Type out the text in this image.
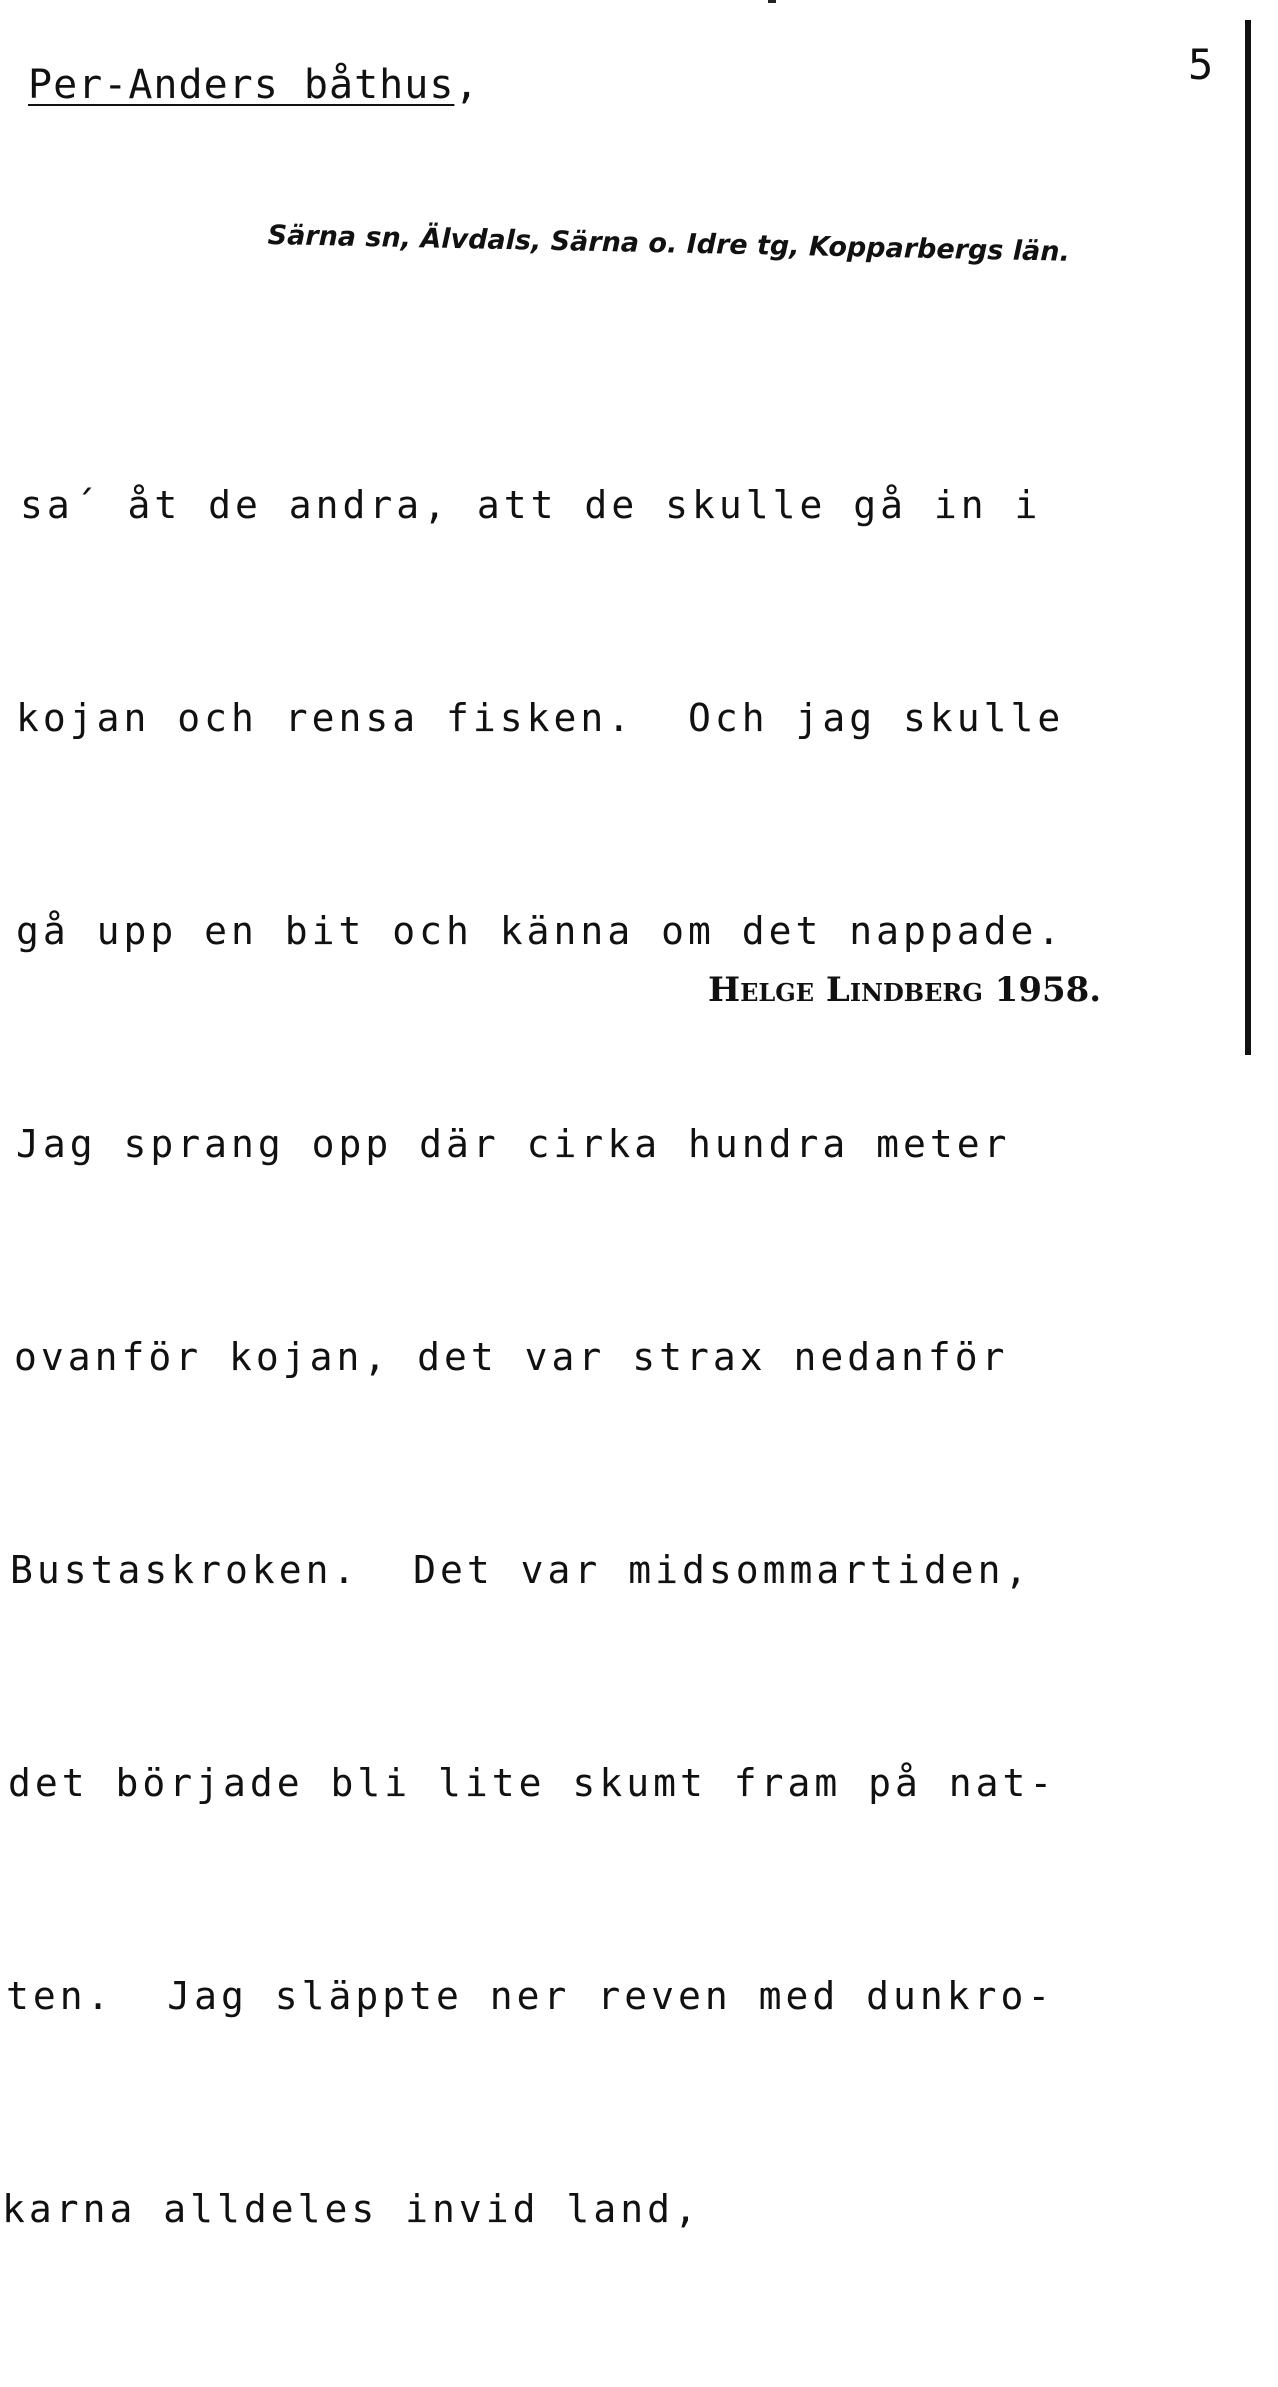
Per-Anders båthus,	5
Särna sn, Älvdals, Särna o. Idre tg, Kopparbergs län.

sa´ åt de andra, att de skulle gå in i

kojan och rensa fisken.  Och jag skulle

gå upp en bit och känna om det nappade.

Jag sprang opp där cirka hundra meter

ovanför kojan, det var strax nedanför

Bustaskroken.  Det var midsommartiden,

det började bli lite skumt fram på nat-

ten.  Jag släppte ner reven med dunkro-

karna alldeles invid land,

Helge Lindberg 1958.
